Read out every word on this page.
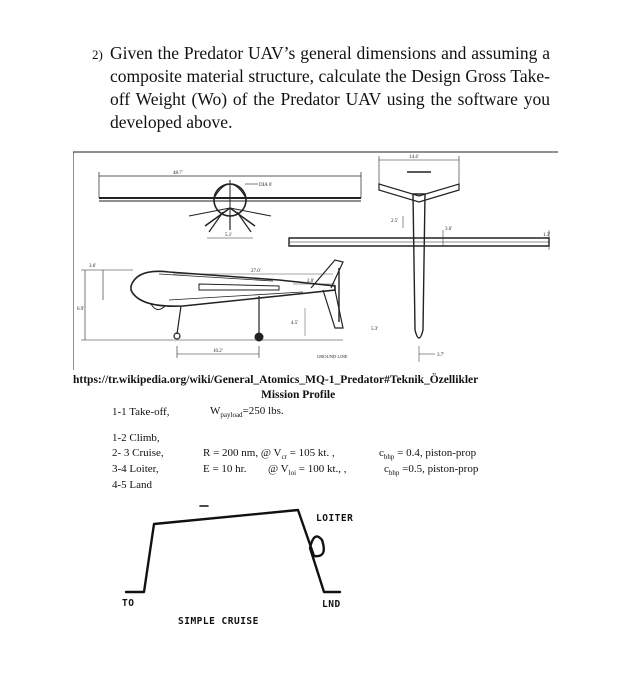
2) Given the Predator UAV’s general dimensions and assuming a composite material structure, calculate the Design Gross Take-off Weight (Wo) of the Predator UAV using the software you developed above.
48.7'
DIA 6'
5.1'
3.6'
27.0'
2.0'
6.9'
4.5'
5.3'
10.2'
GROUND LINE
14.4'
2.5'
3.6'
1.3'
3.7'
https://tr.wikipedia.org/wiki/General_Atomics_MQ-1_Predator#Teknik_Özellikler
Mission Profile
1-1 Take-off,	$W_{payload}=250$ lbs.
1-2 Climb,
2- 3 Cruise,	R = 200 nm, @ $V_{cr} = 105$ kt. ,	$c_{bhp} = 0.4$, piston-prop
3-4 Loiter,	E = 10 hr. @ $V_{loi} = 100$ kt., ,	$c_{bhp} =0.5$, piston-prop
4-5 Land
TO
LOITER
LND
SIMPLE CRUISE
